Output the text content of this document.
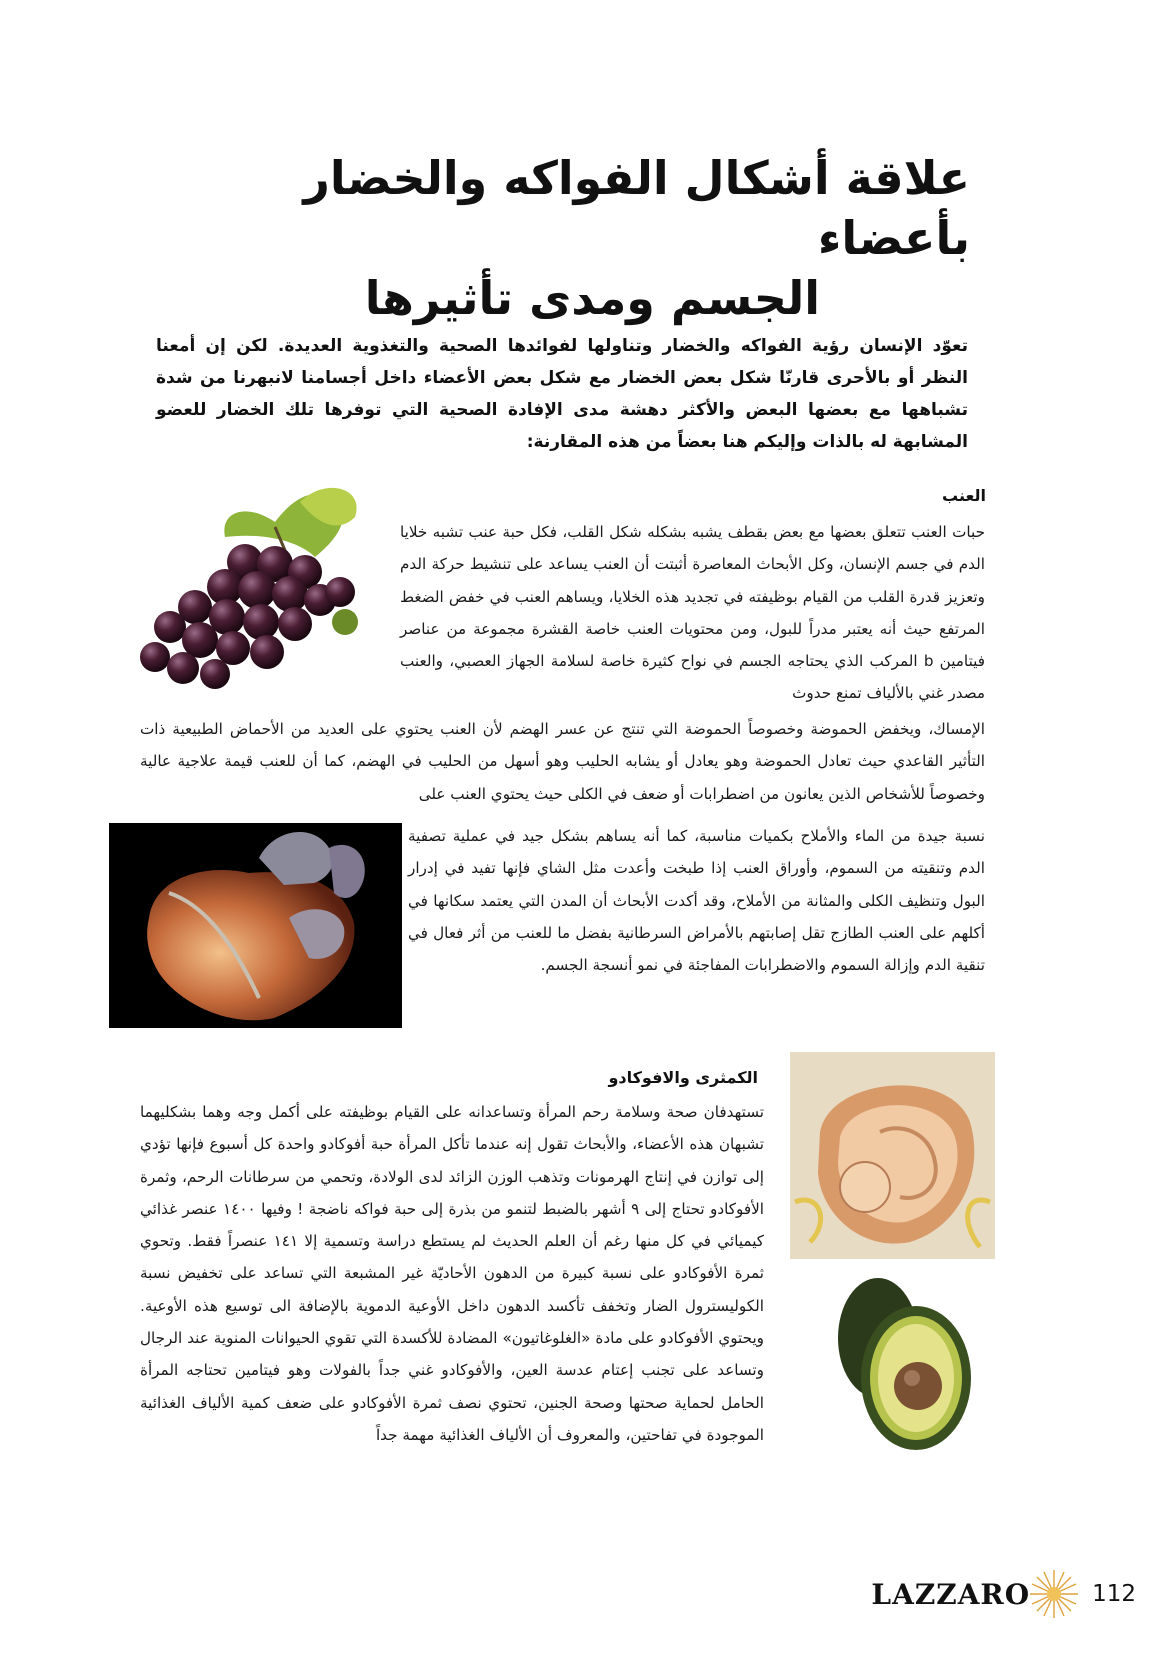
علاقة أشكال الفواكه والخضار بأعضاء
الجسم ومدى تأثيرها

تعوّد الإنسان رؤية الفواكه والخضار وتناولها لفوائدها الصحية والتغذوية العديدة. لكن إن أمعنا النظر أو بالأحرى قارنّا شكل بعض الخضار مع شكل بعض الأعضاء داخل أجسامنا لانبهرنا من شدة تشباهها مع بعضها البعض والأكثر دهشة مدى الإفادة الصحية التي توفرها تلك الخضار للعضو المشابهة له بالذات وإليكم هنا بعضاً من هذه المقارنة:

العنب

حبات العنب تتعلق بعضها مع بعض بقطف يشبه بشكله شكل القلب، فكل حبة عنب تشبه خلايا الدم في جسم الإنسان، وكل الأبحاث المعاصرة أثبتت أن العنب يساعد على تنشيط حركة الدم وتعزيز قدرة القلب من القيام بوظيفته في تجديد هذه الخلايا، ويساهم العنب في خفض الضغط المرتفع حيث أنه يعتبر مدراً للبول، ومن محتويات العنب خاصة القشرة مجموعة من عناصر فيتامين b المركب الذي يحتاجه الجسم في نواح كثيرة خاصة لسلامة الجهاز العصبي، والعنب مصدر غني بالألياف تمنع حدوث

الإمساك، ويخفض الحموضة وخصوصاً الحموضة التي تنتج عن عسر الهضم لأن العنب يحتوي على العديد من الأحماض الطبيعية ذات التأثير القاعدي حيث تعادل الحموضة وهو يعادل أو يشابه الحليب وهو أسهل من الحليب في الهضم، كما أن للعنب قيمة علاجية عالية وخصوصاً للأشخاص الذين يعانون من اضطرابات أو ضعف في الكلى حيث يحتوي العنب على

نسبة جيدة من الماء والأملاح بكميات مناسبة، كما أنه يساهم بشكل جيد في عملية تصفية الدم وتنقيته من السموم، وأوراق العنب إذا طبخت وأعدت مثل الشاي فإنها تفيد في إدرار البول وتنظيف الكلى والمثانة من الأملاح، وقد أكدت الأبحاث أن المدن التي يعتمد سكانها في أكلهم على العنب الطازج تقل إصابتهم بالأمراض السرطانية بفضل ما للعنب من أثر فعال في تنقية الدم وإزالة السموم والاضطرابات المفاجئة في نمو أنسجة الجسم.

الكمثرى والافوكادو

تستهدفان صحة وسلامة رحم المرأة وتساعدانه على القيام بوظيفته على أكمل وجه وهما بشكليهما تشبهان هذه الأعضاء، والأبحاث تقول إنه عندما تأكل المرأة حبة أفوكادو واحدة كل أسبوع فإنها تؤدي إلى توازن في إنتاج الهرمونات وتذهب الوزن الزائد لدى الولادة، وتحمي من سرطانات الرحم، وثمرة الأفوكادو تحتاج إلى ٩ أشهر بالضبط لتنمو من بذرة إلى حبة فواكه ناضجة ! وفيها ١٤٠٠ عنصر غذائي كيميائي في كل منها رغم أن العلم الحديث لم يستطع دراسة وتسمية إلا ١٤١ عنصراً فقط. وتحوي ثمرة الأفوكادو على نسبة كبيرة من الدهون الأحاديّة غير المشبعة التي تساعد على تخفيض نسبة الكوليسترول الضار وتخفف تأكسد الدهون داخل الأوعية الدموية بالإضافة الى توسيع هذه الأوعية. ويحتوي الأفوكادو على مادة «الغلوغاتيون» المضادة للأكسدة التي تقوي الحيوانات المنوية عند الرجال وتساعد على تجنب إعتام عدسة العين، والأفوكادو غني جداً بالفولات وهو فيتامين تحتاجه المرأة الحامل لحماية صحتها وصحة الجنين، تحتوي نصف ثمرة الأفوكادو على ضعف كمية الألياف الغذائية الموجودة في تفاحتين، والمعروف أن الألياف الغذائية مهمة جداً

LAZZARO	112
